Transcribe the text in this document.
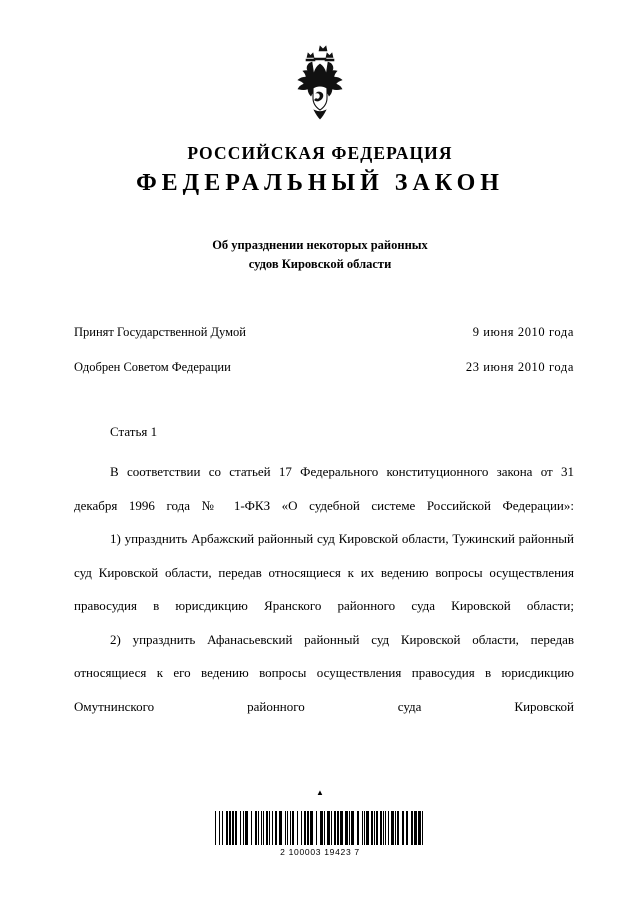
РОССИЙСКАЯ ФЕДЕРАЦИЯ
ФЕДЕРАЛЬНЫЙ ЗАКОН
Об упразднении некоторых районных
судов Кировской области
Принят Государственной Думой	9 июня 2010 года
Одобрен Советом Федерации	23 июня 2010 года
Статья 1

В соответствии со статьей 17 Федерального конституционного закона от 31 декабря 1996 года № 1-ФКЗ «О судебной системе Российской Федерации»:

1) упразднить Арбажский районный суд Кировской области, Тужинский районный суд Кировской области, передав относящиеся к их ведению вопросы осуществления правосудия в юрисдикцию Яранского районного суда Кировской области;

2) упразднить Афанасьевский районный суд Кировской области, передав относящиеся к его ведению вопросы осуществления правосудия в юрисдикцию Омутнинского районного суда Кировской

▲
2 100003 19423 7
